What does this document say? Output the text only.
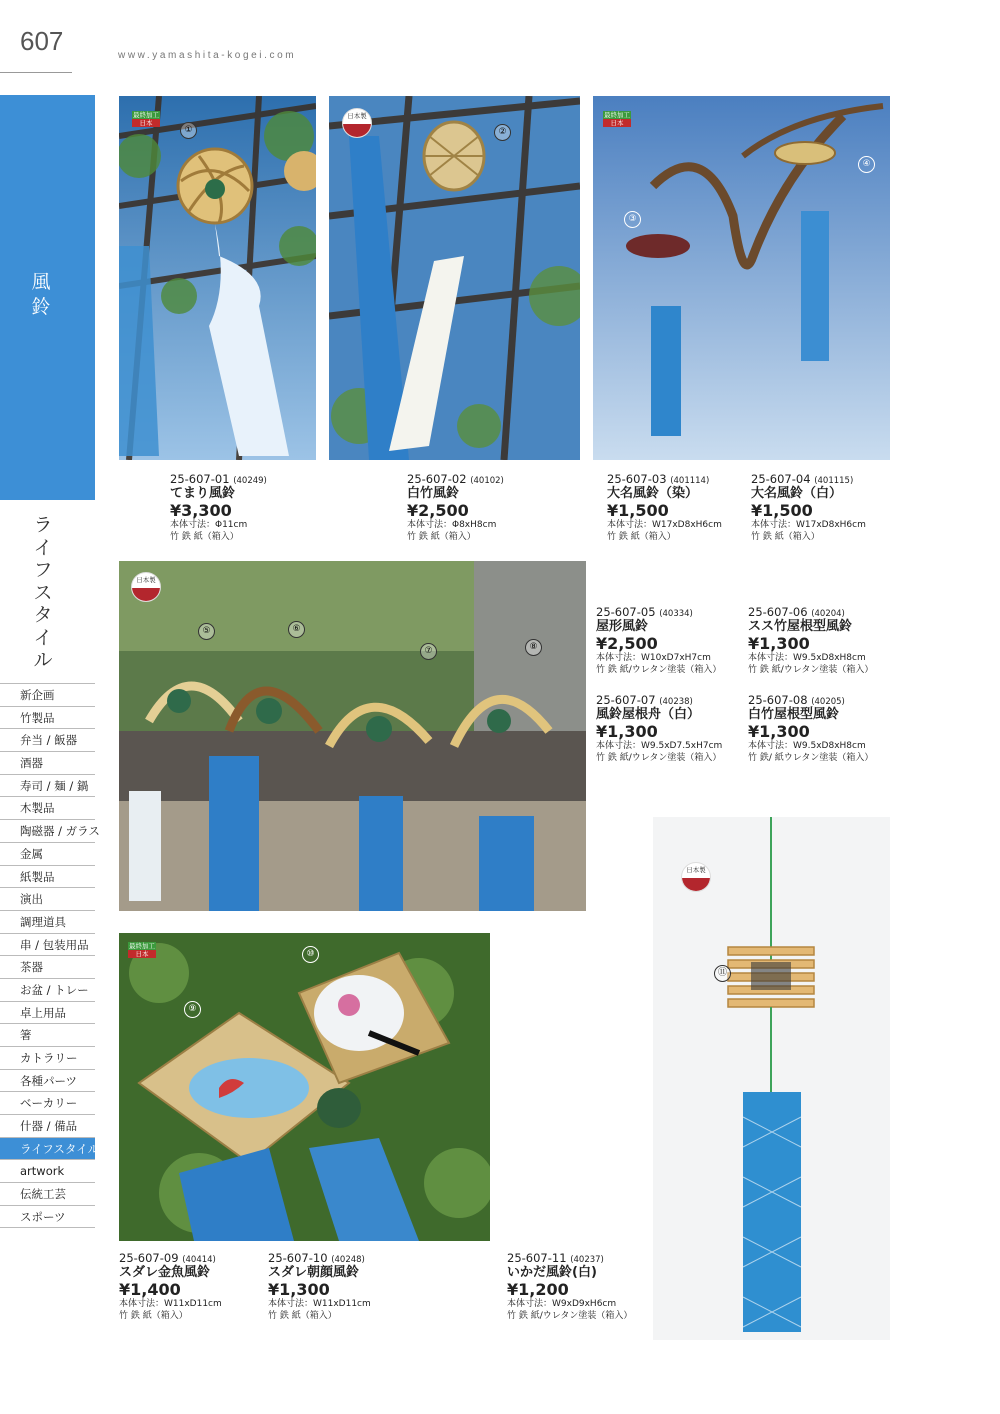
607	www.yamashita-kogei.com
風鈴
ライフスタイル
新企画
竹製品
弁当 / 飯器
酒器
寿司 / 麺 / 鍋
木製品
陶磁器 / ガラス
金属
紙製品
演出
調理道具
串 / 包装用品
茶器
お盆 / トレー
卓上用品
箸
カトラリー
各種パーツ
ベーカリー
什器 / 備品
ライフスタイル
artwork
伝統工芸
スポーツ
最終加工
日本
①
日本製
②
最終加工
日本
③
④
25-607-01 (40249)
てまり風鈴
¥3,300
本体寸法：Φ11cm
竹 鉄 紙（箱入）
25-607-02 (40102)
白竹風鈴
¥2,500
本体寸法：Φ8xH8cm
竹 鉄 紙（箱入）
25-607-03 (401114)
大名風鈴（染）
¥1,500
本体寸法：W17xD8xH6cm
竹 鉄 紙（箱入）
25-607-04 (401115)
大名風鈴（白）
¥1,500
本体寸法：W17xD8xH6cm
竹 鉄 紙（箱入）
日本製
⑤	⑥
⑦	⑧
25-607-05 (40334)
屋形風鈴
¥2,500
本体寸法：W10xD7xH7cm
竹 鉄 紙/ウレタン塗装（箱入）
25-607-06 (40204)
スス竹屋根型風鈴
¥1,300
本体寸法：W9.5xD8xH8cm
竹 鉄 紙/ウレタン塗装（箱入）
25-607-07 (40238)
風鈴屋根舟（白）
¥1,300
本体寸法：W9.5xD7.5xH7cm
竹 鉄 紙/ウレタン塗装（箱入）
25-607-08 (40205)
白竹屋根型風鈴
¥1,300
本体寸法：W9.5xD8xH8cm
竹 鉄/ 紙ウレタン塗装（箱入）
日本製
⑪
最終加工
日本
⑨
⑩
25-607-09 (40414)
スダレ金魚風鈴
¥1,400
本体寸法：W11xD11cm
竹 鉄 紙（箱入）
25-607-10 (40248)
スダレ朝顔風鈴
¥1,300
本体寸法：W11xD11cm
竹 鉄 紙（箱入）
25-607-11 (40237)
いかだ風鈴(白)
¥1,200
本体寸法：W9xD9xH6cm
竹 鉄 紙/ウレタン塗装（箱入）
